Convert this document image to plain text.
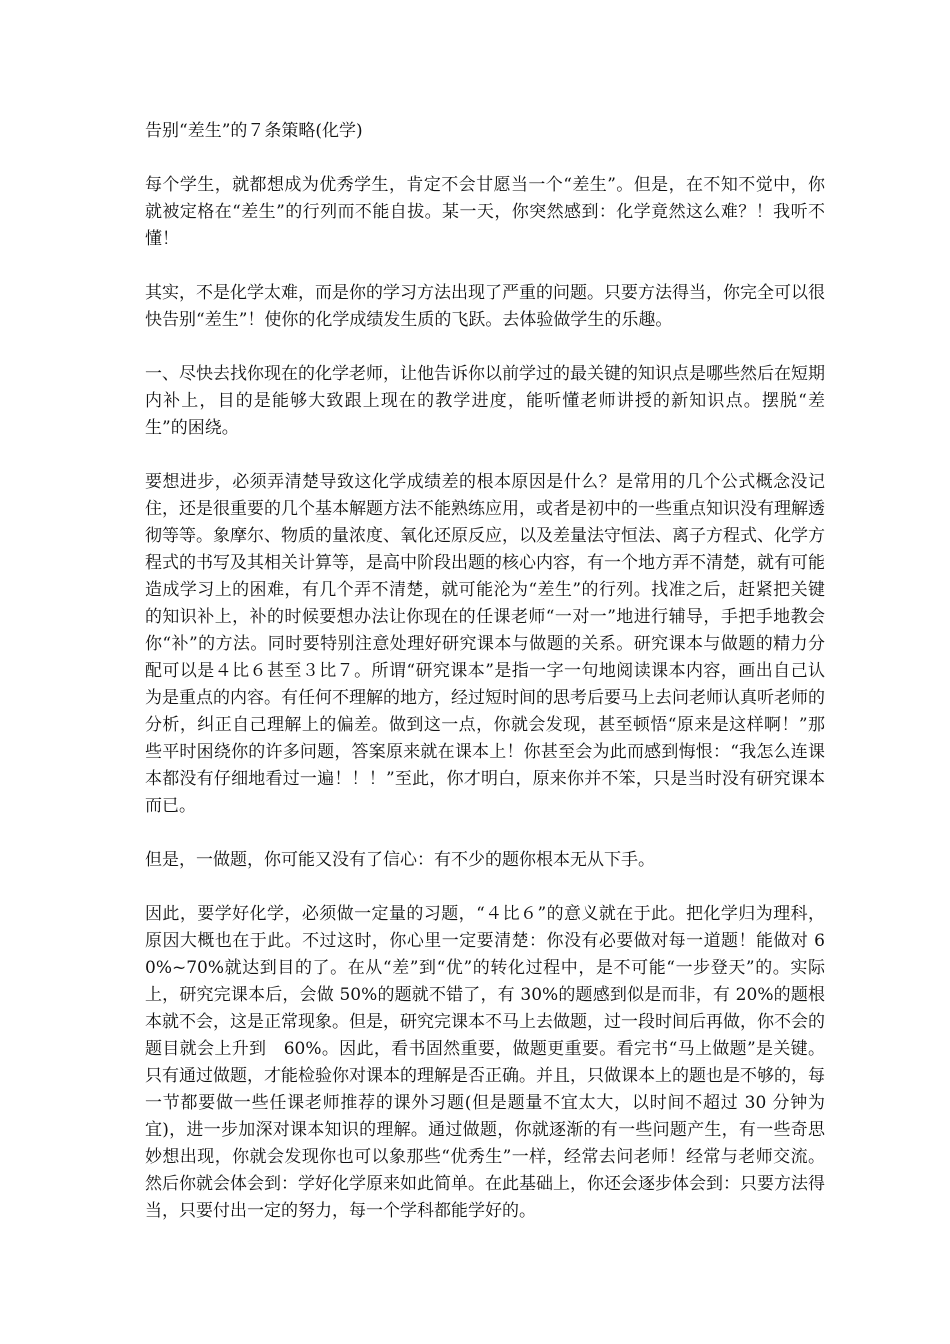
告别“差生”的７条策略(化学)

每个学生，就都想成为优秀学生，肯定不会甘愿当一个“差生”。但是，在不知不觉中，你就被定格在“差生”的行列而不能自拔。某一天，你突然感到：化学竟然这么难？！我听不懂！

其实，不是化学太难，而是你的学习方法出现了严重的问题。只要方法得当，你完全可以很快告别“差生”！使你的化学成绩发生质的飞跃。去体验做学生的乐趣。

一、尽快去找你现在的化学老师，让他告诉你以前学过的最关键的知识点是哪些然后在短期内补上，目的是能够大致跟上现在的教学进度，能听懂老师讲授的新知识点。摆脱“差生”的困绕。

要想进步，必须弄清楚导致这化学成绩差的根本原因是什么？是常用的几个公式概念没记住，还是很重要的几个基本解题方法不能熟练应用，或者是初中的一些重点知识没有理解透彻等等。象摩尔、物质的量浓度、氧化还原反应，以及差量法守恒法、离子方程式、化学方程式的书写及其相关计算等，是高中阶段出题的核心内容，有一个地方弄不清楚，就有可能造成学习上的困难，有几个弄不清楚，就可能沦为“差生”的行列。找准之后，赶紧把关键的知识补上，补的时候要想办法让你现在的任课老师“一对一”地进行辅导，手把手地教会你“补”的方法。同时要特别注意处理好研究课本与做题的关系。研究课本与做题的精力分配可以是４比６甚至３比７。所谓“研究课本”是指一字一句地阅读课本内容，画出自己认为是重点的内容。有任何不理解的地方，经过短时间的思考后要马上去问老师认真听老师的分析，纠正自己理解上的偏差。做到这一点，你就会发现，甚至顿悟“原来是这样啊！”那些平时困绕你的许多问题，答案原来就在课本上！你甚至会为此而感到悔恨：“我怎么连课本都没有仔细地看过一遍！！！”至此，你才明白，原来你并不笨，只是当时没有研究课本而已。

但是，一做题，你可能又没有了信心：有不少的题你根本无从下手。

因此，要学好化学，必须做一定量的习题，“４比６”的意义就在于此。把化学归为理科，原因大概也在于此。不过这时，你心里一定要清楚：你没有必要做对每一道题！能做对 60%~70%就达到目的了。在从“差”到“优”的转化过程中，是不可能“一步登天”的。实际上，研究完课本后，会做 50%的题就不错了，有 30%的题感到似是而非，有 20%的题根本就不会，这是正常现象。但是，研究完课本不马上去做题，过一段时间后再做，你不会的题目就会上升到　60%。因此，看书固然重要，做题更重要。看完书“马上做题”是关键。只有通过做题，才能检验你对课本的理解是否正确。并且，只做课本上的题也是不够的，每一节都要做一些任课老师推荐的课外习题(但是题量不宜太大，以时间不超过 30 分钟为宜)，进一步加深对课本知识的理解。通过做题，你就逐渐的有一些问题产生，有一些奇思妙想出现，你就会发现你也可以象那些“优秀生”一样，经常去问老师！经常与老师交流。然后你就会体会到：学好化学原来如此简单。在此基础上，你还会逐步体会到：只要方法得当，只要付出一定的努力，每一个学科都能学好的。
